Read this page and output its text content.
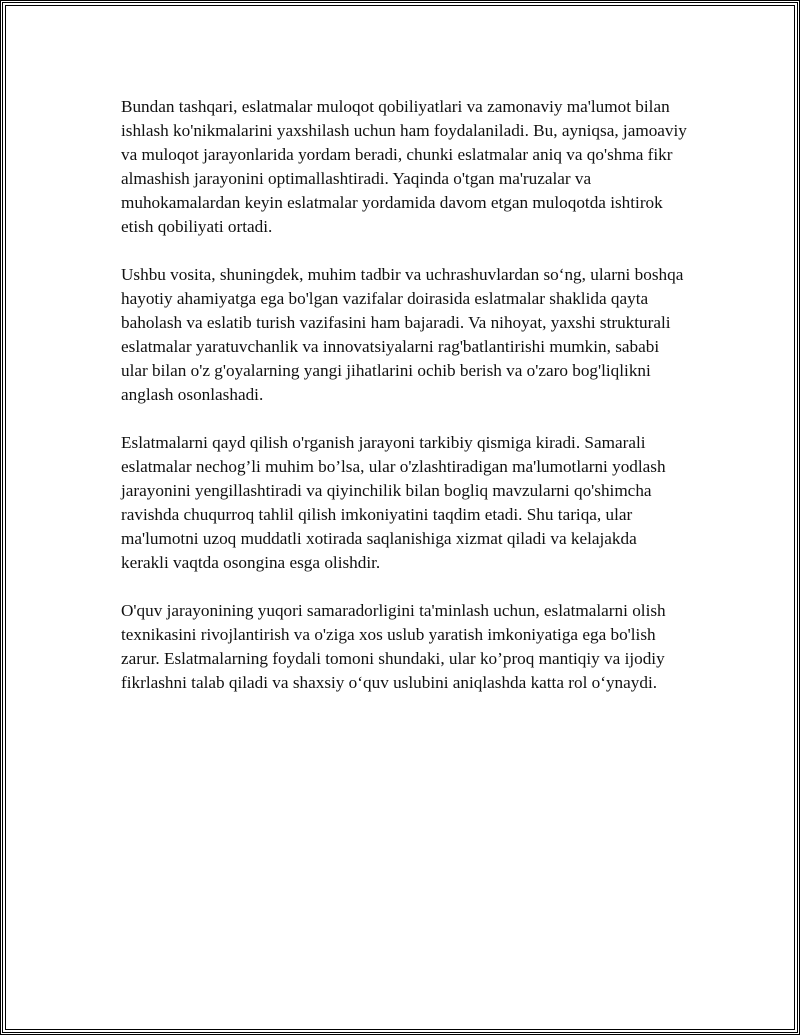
Bundan tashqari, eslatmalar muloqot qobiliyatlari va zamonaviy ma'lumot bilan ishlash ko'nikmalarini yaxshilash uchun ham foydalaniladi. Bu, ayniqsa, jamoaviy va muloqot jarayonlarida yordam beradi, chunki eslatmalar aniq va qo'shma fikr almashish jarayonini optimallashtiradi. Yaqinda o'tgan ma'ruzalar va muhokamalardan keyin eslatmalar yordamida davom etgan muloqotda ishtirok etish qobiliyati ortadi.

Ushbu vosita, shuningdek, muhim tadbir va uchrashuvlardan so‘ng, ularni boshqa hayotiy ahamiyatga ega bo'lgan vazifalar doirasida eslatmalar shaklida qayta baholash va eslatib turish vazifasini ham bajaradi. Va nihoyat, yaxshi strukturali eslatmalar yaratuvchanlik va innovatsiyalarni rag'batlantirishi mumkin, sababi ular bilan o'z g'oyalarning yangi jihatlarini ochib berish va o'zaro bog'liqlikni anglash osonlashadi.

Eslatmalarni qayd qilish o'rganish jarayoni tarkibiy qismiga kiradi. Samarali eslatmalar nechog’li muhim bo’lsa, ular o'zlashtiradigan ma'lumotlarni yodlash jarayonini yengillashtiradi va qiyinchilik bilan bogliq mavzularni qo'shimcha ravishda chuqurroq tahlil qilish imkoniyatini taqdim etadi. Shu tariqa, ular ma'lumotni uzoq muddatli xotirada saqlanishiga xizmat qiladi va kelajakda kerakli vaqtda osongina esga olishdir.

O'quv jarayonining yuqori samaradorligini ta'minlash uchun, eslatmalarni olish texnikasini rivojlantirish va o'ziga xos uslub yaratish imkoniyatiga ega bo'lish zarur. Eslatmalarning foydali tomoni shundaki, ular ko’proq mantiqiy va ijodiy fikrlashni talab qiladi va shaxsiy o‘quv uslubini aniqlashda katta rol o‘ynaydi.
